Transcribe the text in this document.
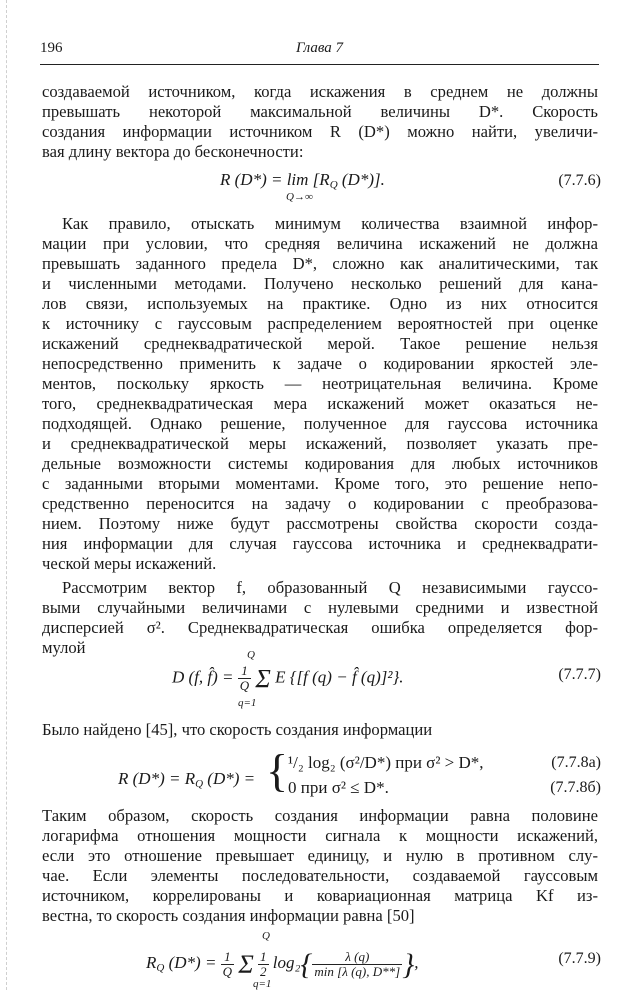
196	Глава 7
создаваемой источником, когда искажения в среднем не должны
превышать некоторой максимальной величины D*. Скорость
создания информации источником R (D*) можно найти, увеличи-
вая длину вектора до бесконечности:
R $(D*) = \lim [R_Q$ (D*)].
Q→∞
(7.7.6)
Как правило, отыскать минимум количества взаимной инфор-
мации при условии, что средняя величина искажений не должна
превышать заданного предела D*, сложно как аналитическими, так
и численными методами. Получено несколько решений для кана-
лов связи, используемых на практике. Одно из них относится
к источнику с гауссовым распределением вероятностей при оценке
искажений среднеквадратической мерой. Такое решение нельзя
непосредственно применить к задаче о кодировании яркостей эле-
ментов, поскольку яркость — неотрицательная величина. Кроме
того, среднеквадратическая мера искажений может оказаться не-
подходящей. Однако решение, полученное для гауссова источника
и среднеквадратической меры искажений, позволяет указать пре-
дельные возможности системы кодирования для любых источников
с заданными вторыми моментами. Кроме того, это решение непо-
средственно переносится на задачу о кодировании с преобразова-
нием. Поэтому ниже будут рассмотрены свойства скорости созда-
ния информации для случая гауссова источника и среднеквадрати-
ческой меры искажений.
Рассмотрим вектор f, образованный Q независимыми гауссо-
выми случайными величинами с нулевыми средними и известной
дисперсией σ². Среднеквадратическая ошибка определяется фор-
мулой
D (f, f̂) = $\frac{1}{Q}$ Σ E {[f (q) − f̂ (q)]²}.
Q
q=1
(7.7.7)
Было найдено [45], что скорость создания информации
R $(D*) = R_Q$ (D*) = { ¹/₂ log₂ (σ²/D*) при σ² > D*,
0 при σ² ≤ D*.
(7.7.8а)
(7.7.8б)
Таким образом, скорость создания информации равна половине
логарифма отношения мощности сигнала к мощности искажений,
если это отношение превышает единицу, и нулю в противном слу-
чае. Если элементы последовательности, создаваемой гауссовым
источником, коррелированы и ковариационная матрица Kf из-
вестна, то скорость создания информации равна [50]
$R_Q$ $(D*) = \frac{1}{Q}$ Σ $\frac{1}{2} \log_2\{ \frac{\lambda (q)}{\min [\lambda (q), D**]}$ },
Q
q=1
(7.7.9)
